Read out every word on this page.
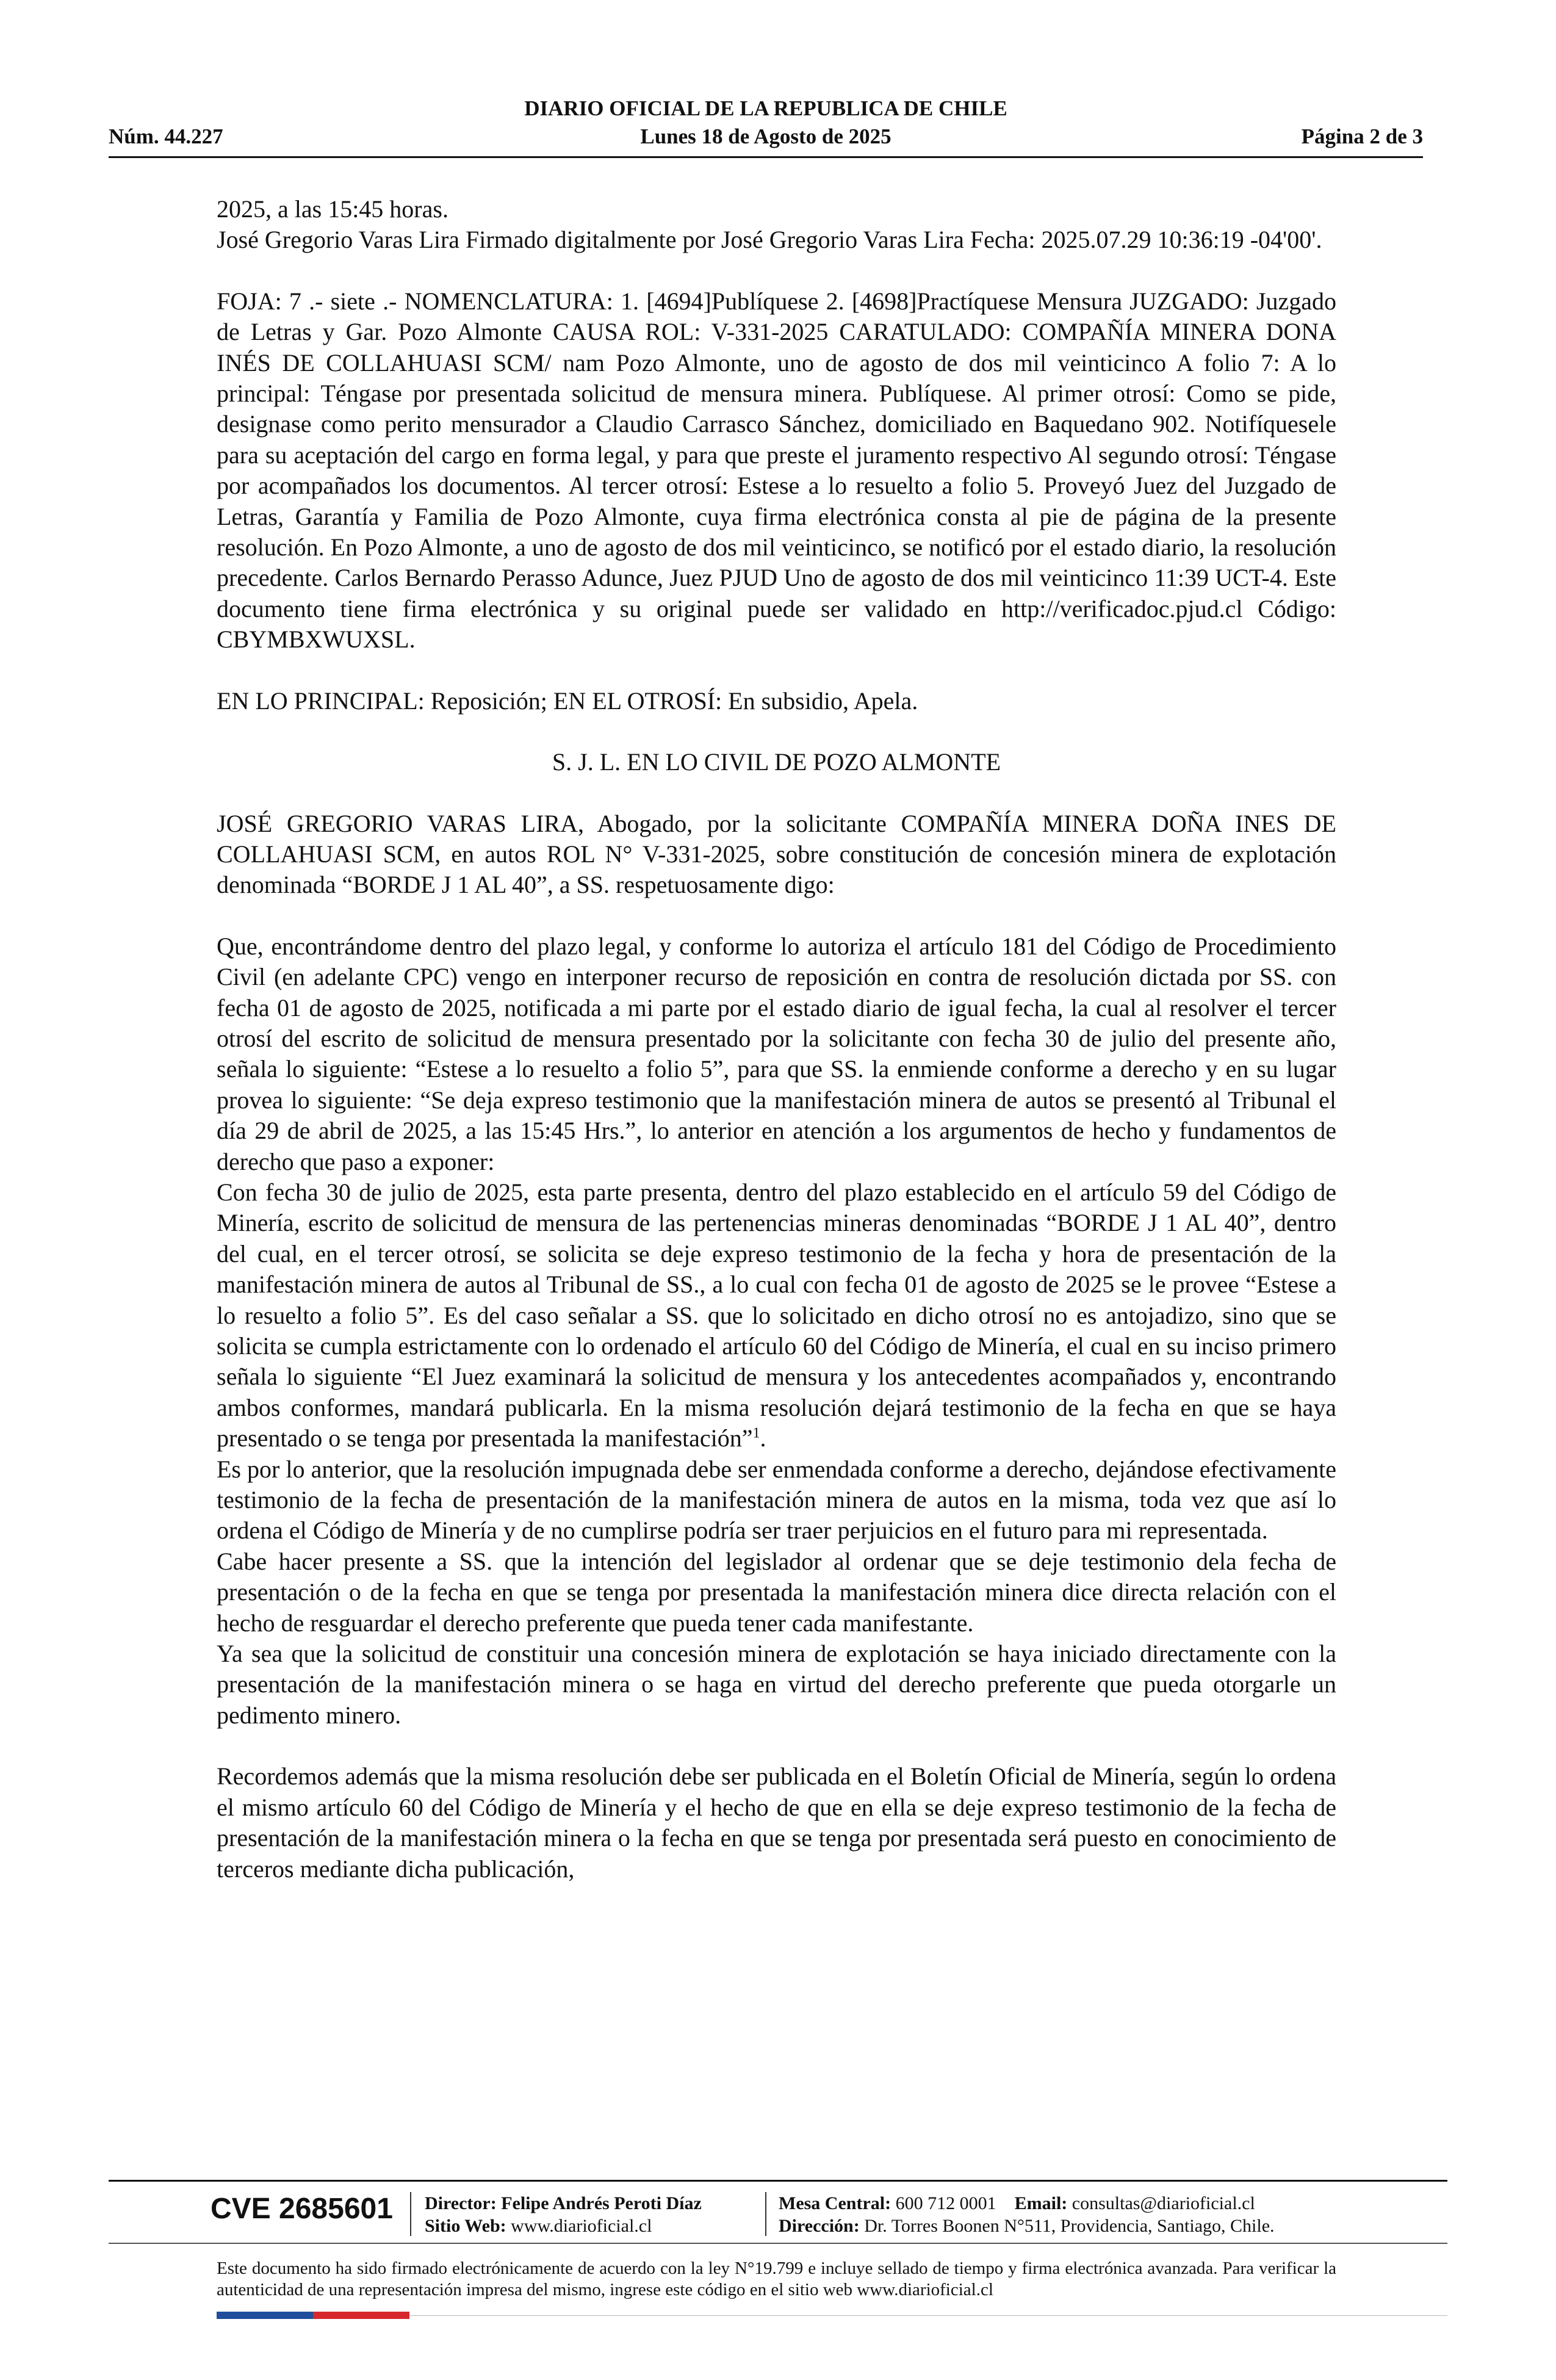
DIARIO OFICIAL DE LA REPUBLICA DE CHILE
Núm. 44.227	Lunes 18 de Agosto de 2025	Página 2 de 3

2025, a las 15:45 horas.

José Gregorio Varas Lira Firmado digitalmente por José Gregorio Varas Lira Fecha: 2025.07.29 10:36:19 -04'00'.

FOJA: 7 .- siete .- NOMENCLATURA: 1. [4694]Publíquese 2. [4698]Practíquese Mensura JUZGADO: Juzgado de Letras y Gar. Pozo Almonte CAUSA ROL: V-331-2025 CARATULADO: COMPAÑÍA MINERA DONA INÉS DE COLLAHUASI SCM/ nam Pozo Almonte, uno de agosto de dos mil veinticinco A folio 7: A lo principal: Téngase por presentada solicitud de mensura minera. Publíquese. Al primer otrosí: Como se pide, designase como perito mensurador a Claudio Carrasco Sánchez, domiciliado en Baquedano 902. Notifíquesele para su aceptación del cargo en forma legal, y para que preste el juramento respectivo Al segundo otrosí: Téngase por acompañados los documentos. Al tercer otrosí: Estese a lo resuelto a folio 5. Proveyó Juez del Juzgado de Letras, Garantía y Familia de Pozo Almonte, cuya firma electrónica consta al pie de página de la presente resolución. En Pozo Almonte, a uno de agosto de dos mil veinticinco, se notificó por el estado diario, la resolución precedente. Carlos Bernardo Perasso Adunce, Juez PJUD Uno de agosto de dos mil veinticinco 11:39 UCT-4. Este documento tiene firma electrónica y su original puede ser validado en http://verificadoc.pjud.cl Código: CBYMBXWUXSL.

EN LO PRINCIPAL: Reposición; EN EL OTROSÍ: En subsidio, Apela.

S. J. L. EN LO CIVIL DE POZO ALMONTE

JOSÉ GREGORIO VARAS LIRA, Abogado, por la solicitante COMPAÑÍA MINERA DOÑA INES DE COLLAHUASI SCM, en autos ROL N° V-331-2025, sobre constitución de concesión minera de explotación denominada “BORDE J 1 AL 40”, a SS. respetuosamente digo:

Que, encontrándome dentro del plazo legal, y conforme lo autoriza el artículo 181 del Código de Procedimiento Civil (en adelante CPC) vengo en interponer recurso de reposición en contra de resolución dictada por SS. con fecha 01 de agosto de 2025, notificada a mi parte por el estado diario de igual fecha, la cual al resolver el tercer otrosí del escrito de solicitud de mensura presentado por la solicitante con fecha 30 de julio del presente año, señala lo siguiente: “Estese a lo resuelto a folio 5”, para que SS. la enmiende conforme a derecho y en su lugar provea lo siguiente: “Se deja expreso testimonio que la manifestación minera de autos se presentó al Tribunal el día 29 de abril de 2025, a las 15:45 Hrs.”, lo anterior en atención a los argumentos de hecho y fundamentos de derecho que paso a exponer:

Con fecha 30 de julio de 2025, esta parte presenta, dentro del plazo establecido en el artículo 59 del Código de Minería, escrito de solicitud de mensura de las pertenencias mineras denominadas “BORDE J 1 AL 40”, dentro del cual, en el tercer otrosí, se solicita se deje expreso testimonio de la fecha y hora de presentación de la manifestación minera de autos al Tribunal de SS., a lo cual con fecha 01 de agosto de 2025 se le provee “Estese a lo resuelto a folio 5”. Es del caso señalar a SS. que lo solicitado en dicho otrosí no es antojadizo, sino que se solicita se cumpla estrictamente con lo ordenado el artículo 60 del Código de Minería, el cual en su inciso primero señala lo siguiente “El Juez examinará la solicitud de mensura y los antecedentes acompañados y, encontrando ambos conformes, mandará publicarla. En la misma resolución dejará testimonio de la fecha en que se haya presentado o se tenga por presentada la manifestación”$^1$.

Es por lo anterior, que la resolución impugnada debe ser enmendada conforme a derecho, dejándose efectivamente testimonio de la fecha de presentación de la manifestación minera de autos en la misma, toda vez que así lo ordena el Código de Minería y de no cumplirse podría ser traer perjuicios en el futuro para mi representada.

Cabe hacer presente a SS. que la intención del legislador al ordenar que se deje testimonio dela fecha de presentación o de la fecha en que se tenga por presentada la manifestación minera dice directa relación con el hecho de resguardar el derecho preferente que pueda tener cada manifestante.

Ya sea que la solicitud de constituir una concesión minera de explotación se haya iniciado directamente con la presentación de la manifestación minera o se haga en virtud del derecho preferente que pueda otorgarle un pedimento minero.

Recordemos además que la misma resolución debe ser publicada en el Boletín Oficial de Minería, según lo ordena el mismo artículo 60 del Código de Minería y el hecho de que en ella se deje expreso testimonio de la fecha de presentación de la manifestación minera o la fecha en que se tenga por presentada será puesto en conocimiento de terceros mediante dicha publicación,

CVE 2685601 Director: Felipe Andrés Peroti Díaz
Sitio Web: www.diarioficial.cl
Mesa Central: 600 712 0001 Email: consultas@diarioficial.cl
Dirección: Dr. Torres Boonen N°511, Providencia, Santiago, Chile.
Este documento ha sido firmado electrónicamente de acuerdo con la ley N°19.799 e incluye sellado de tiempo y firma electrónica avanzada. Para verificar la autenticidad de una representación impresa del mismo, ingrese este código en el sitio web www.diarioficial.cl
